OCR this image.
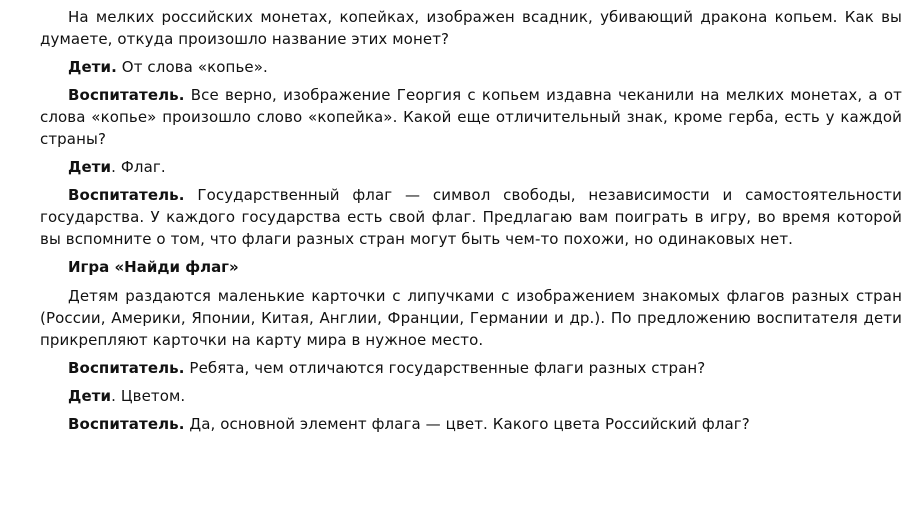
На мелких российских монетах, копейках, изображен всадник, убивающий дракона копьем. Как вы думаете, откуда произошло название этих монет?

Дети. От слова «копье».

Воспитатель. Все верно, изображение Георгия с копьем издавна чеканили на мелких монетах, а от слова «копье» произошло слово «копейка». Какой еще отличительный знак, кроме герба, есть у каждой страны?

Дети. Флаг.

Воспитатель. Государственный флаг — символ свободы, независимости и самостоятельности государства. У каждого государства есть свой флаг. Предлагаю вам поиграть в игру, во время которой вы вспомните о том, что флаги разных стран могут быть чем-то похожи, но одинаковых нет.

Игра «Найди флаг»

Детям раздаются маленькие карточки с липучками с изображением знакомых флагов разных стран (России, Америки, Японии, Китая, Англии, Франции, Германии и др.). По предложению воспитателя дети прикрепляют карточки на карту мира в нужное место.

Воспитатель. Ребята, чем отличаются государственные флаги разных стран?

Дети. Цветом.

Воспитатель. Да, основной элемент флага — цвет. Какого цвета Российский флаг?
